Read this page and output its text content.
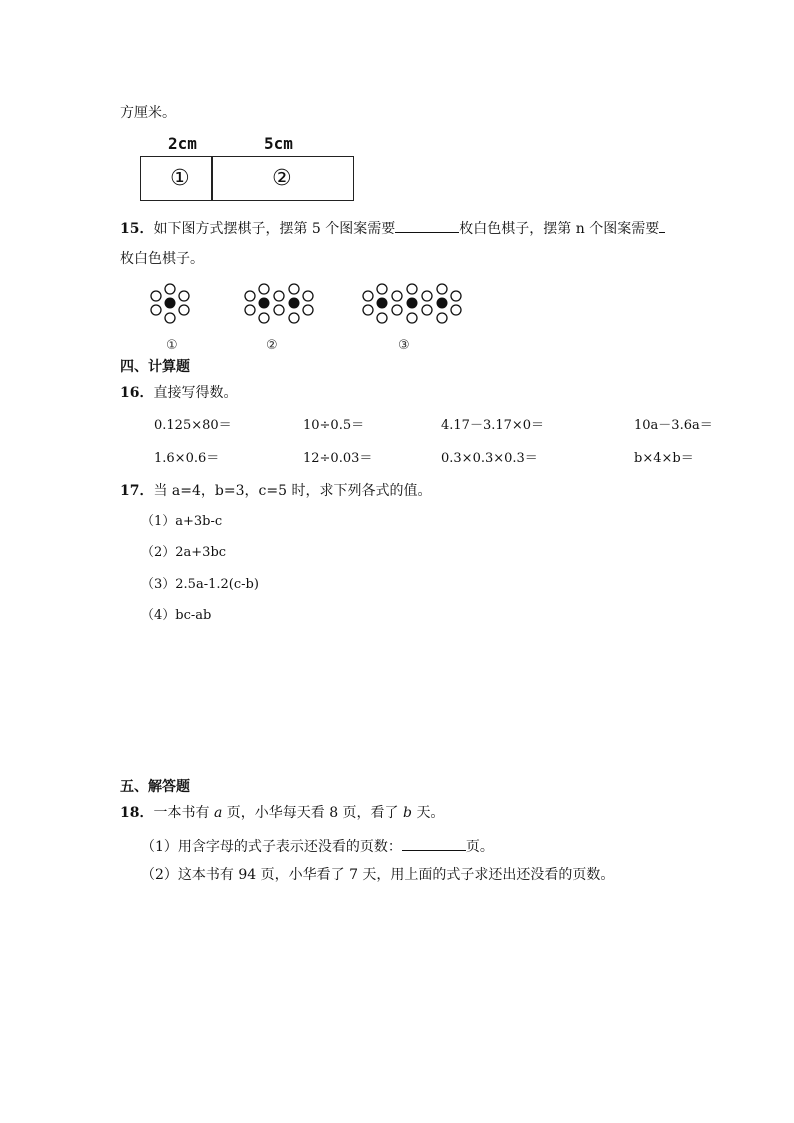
方厘米。
2cm	5cm
①	②
15．如下图方式摆棋子，摆第 5 个图案需要	枚白色棋子，摆第 n 个图案需要
枚白色棋子。
①	②	③
四、计算题
16．直接写得数。
0.125×80＝	10÷0.5＝	4.17－3.17×0＝	10a－3.6a＝
1.6×0.6＝	12÷0.03＝	0.3×0.3×0.3＝	b×4×b＝
17．当 a=4，b=3，c=5 时，求下列各式的值。
（1）a+3b-c
（2）2a+3bc
（3）2.5a-1.2(c-b)
（4）bc-ab
五、解答题
18．一本书有 a 页，小华每天看 8 页，看了 b 天。
（1）用含字母的式子表示还没看的页数：	页。
（2）这本书有 94 页，小华看了 7 天，用上面的式子求还出还没看的页数。
